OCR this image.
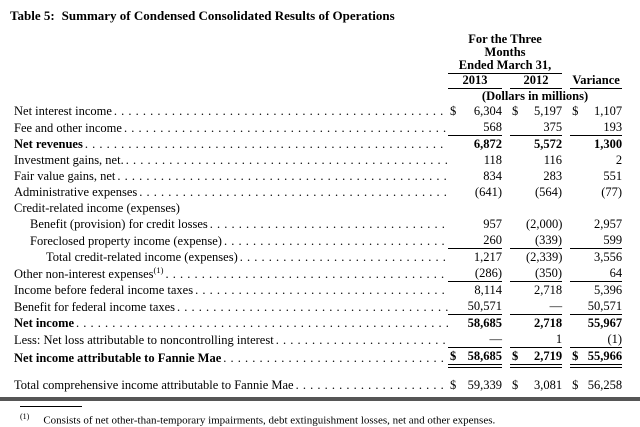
Table 5: Summary of Condensed Consolidated Results of Operations

	For the Three Months
Ended March 31,						Variance	
	2013			2012				
	(Dollars in millions)							

Net interest income
. . .	$	6,304		$	5,197		$	1,107

Fee and other income
. . .		568			375			193

Net revenues
. . .		6,872			5,572			1,300

Investment gains, net.
. . .		118			116			2

Fair value gains, net
. . .		834			283			551

Administrative expenses
. . .		(641)			(564)			(77)

Credit-related income (expenses)								

Benefit (provision) for credit losses
. . .		957			(2,000)			2,957

Foreclosed property income (expense)
. . .		260			(339)			599

Total credit-related income (expenses)
. . .		1,217			(2,339)			3,556

Other non-interest expenses$^{(1)}$
. . .		(286)			(350)			64

Income before federal income taxes
. . .		8,114			2,718			5,396

Benefit for federal income taxes
. . .		50,571			—			50,571

Net income
. . .		58,685			2,718			55,967

Less: Net loss attributable to noncontrolling interest
. . .		—			1			(1)

Net income attributable to Fannie Mae
. . .	$	58,685		$	2,719		$	55,966

Total comprehensive income attributable to Fannie Mae
. . .	$	59,339		$	3,081		$	56,258
$^{(1)}$ Consists of net other-than-temporary impairments, debt extinguishment losses, net and other expenses.
